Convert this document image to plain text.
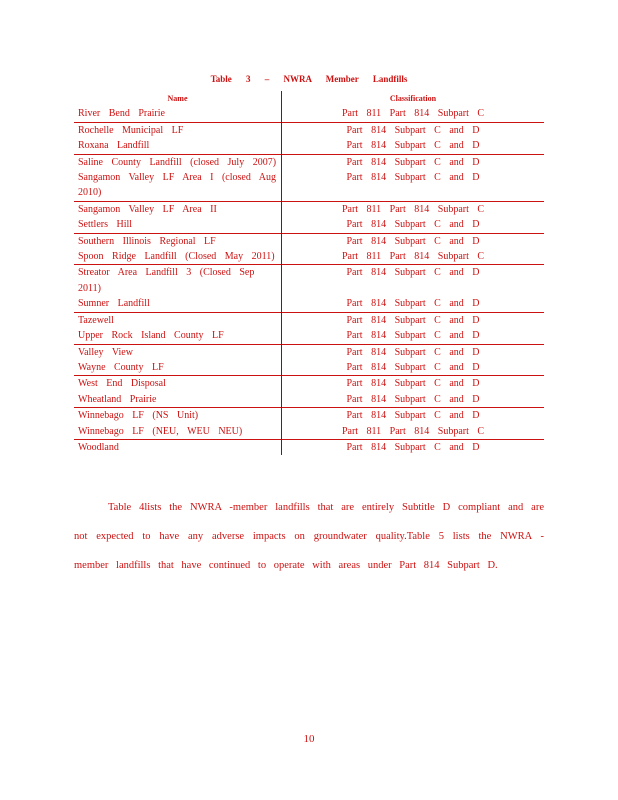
Table 3 – NWRA Member Landfills
Name	Classification
River Bend Prairie	Part 811 Part 814 Subpart C
Rochelle Municipal LF	Part 814 Subpart C and D
Roxana Landfill	Part 814 Subpart C and D
Saline County Landfill (closed July 2007)	Part 814 Subpart C and D
Sangamon Valley LF Area I (closed Aug 2010)	Part 814 Subpart C and D
Sangamon Valley LF Area II	Part 811 Part 814 Subpart C
Settlers Hill	Part 814 Subpart C and D
Southern Illinois Regional LF	Part 814 Subpart C and D
Spoon Ridge Landfill (Closed May 2011)	Part 811 Part 814 Subpart C
Streator Area Landfill 3 (Closed Sep 2011)	Part 814 Subpart C and D
Sumner Landfill	Part 814 Subpart C and D
Tazewell	Part 814 Subpart C and D
Upper Rock Island County LF	Part 814 Subpart C and D
Valley View	Part 814 Subpart C and D
Wayne County LF	Part 814 Subpart C and D
West End Disposal	Part 814 Subpart C and D
Wheatland Prairie	Part 814 Subpart C and D
Winnebago LF (NS Unit)	Part 814 Subpart C and D
Winnebago LF (NEU, WEU NEU)	Part 811 Part 814 Subpart C
Woodland	Part 814 Subpart C and D

Table 4lists the NWRA -member landfills that are entirely Subtitle D compliant and are not expected to have any adverse impacts on groundwater quality.Table 5 lists the NWRA -member landfills that have continued to operate with areas under Part 814 Subpart D.

10
